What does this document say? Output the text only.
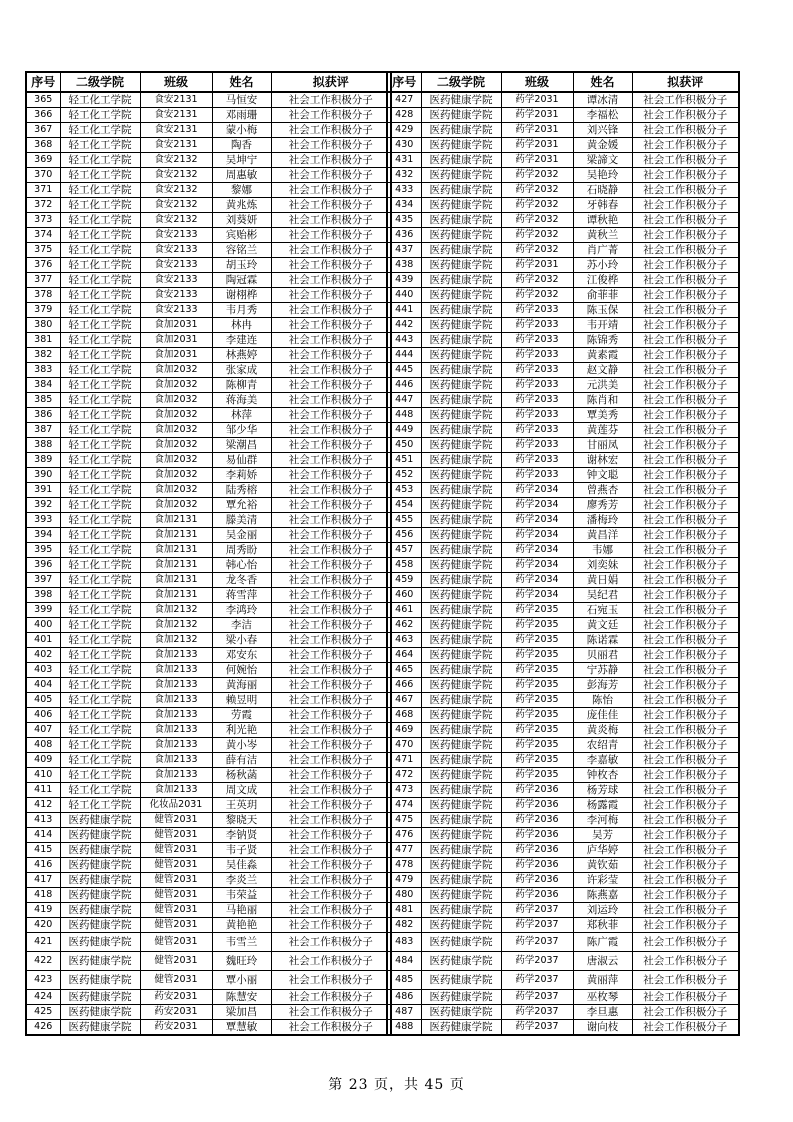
序号	二级学院	班级	姓名	拟获评
365	轻工化工学院	食安2131	马恒安	社会工作积极分子
366	轻工化工学院	食安2131	邓雨珊	社会工作积极分子
367	轻工化工学院	食安2131	蒙小梅	社会工作积极分子
368	轻工化工学院	食安2131	陶香	社会工作积极分子
369	轻工化工学院	食安2132	吴坤宁	社会工作积极分子
370	轻工化工学院	食安2132	周惠敏	社会工作积极分子
371	轻工化工学院	食安2132	黎娜	社会工作积极分子
372	轻工化工学院	食安2132	黄兆炼	社会工作积极分子
373	轻工化工学院	食安2132	刘葵妍	社会工作积极分子
374	轻工化工学院	食安2133	宾贻彬	社会工作积极分子
375	轻工化工学院	食安2133	容铭兰	社会工作积极分子
376	轻工化工学院	食安2133	胡玉玲	社会工作积极分子
377	轻工化工学院	食安2133	陶冠霖	社会工作积极分子
378	轻工化工学院	食安2133	谢栩桦	社会工作积极分子
379	轻工化工学院	食安2133	韦月秀	社会工作积极分子
380	轻工化工学院	食加2031	林冉	社会工作积极分子
381	轻工化工学院	食加2031	李建连	社会工作积极分子
382	轻工化工学院	食加2031	林燕婷	社会工作积极分子
383	轻工化工学院	食加2032	张家成	社会工作积极分子
384	轻工化工学院	食加2032	陈柳青	社会工作积极分子
385	轻工化工学院	食加2032	蒋海美	社会工作积极分子
386	轻工化工学院	食加2032	林萍	社会工作积极分子
387	轻工化工学院	食加2032	邹少华	社会工作积极分子
388	轻工化工学院	食加2032	梁潮昌	社会工作积极分子
389	轻工化工学院	食加2032	易仙群	社会工作积极分子
390	轻工化工学院	食加2032	李莉娇	社会工作积极分子
391	轻工化工学院	食加2032	陆秀榕	社会工作积极分子
392	轻工化工学院	食加2032	覃允裕	社会工作积极分子
393	轻工化工学院	食加2131	滕美清	社会工作积极分子
394	轻工化工学院	食加2131	吴金丽	社会工作积极分子
395	轻工化工学院	食加2131	周秀盼	社会工作积极分子
396	轻工化工学院	食加2131	韩心怡	社会工作积极分子
397	轻工化工学院	食加2131	龙冬香	社会工作积极分子
398	轻工化工学院	食加2131	蒋雪萍	社会工作积极分子
399	轻工化工学院	食加2132	李鸿玲	社会工作积极分子
400	轻工化工学院	食加2132	李洁	社会工作积极分子
401	轻工化工学院	食加2132	梁小春	社会工作积极分子
402	轻工化工学院	食加2133	邓安东	社会工作积极分子
403	轻工化工学院	食加2133	何婉怡	社会工作积极分子
404	轻工化工学院	食加2133	黄海丽	社会工作积极分子
405	轻工化工学院	食加2133	赖昱明	社会工作积极分子
406	轻工化工学院	食加2133	劳霞	社会工作积极分子
407	轻工化工学院	食加2133	利光艳	社会工作积极分子
408	轻工化工学院	食加2133	黄小岑	社会工作积极分子
409	轻工化工学院	食加2133	薛有洁	社会工作积极分子
410	轻工化工学院	食加2133	杨秋菡	社会工作积极分子
411	轻工化工学院	食加2133	周文成	社会工作积极分子
412	轻工化工学院	化妆品2031	王英玥	社会工作积极分子
413	医药健康学院	健管2031	黎晓天	社会工作积极分子
414	医药健康学院	健管2031	李钠贤	社会工作积极分子
415	医药健康学院	健管2031	韦子贤	社会工作积极分子
416	医药健康学院	健管2031	吴佳淼	社会工作积极分子
417	医药健康学院	健管2031	李炎兰	社会工作积极分子
418	医药健康学院	健管2031	韦荣益	社会工作积极分子
419	医药健康学院	健管2031	马艳丽	社会工作积极分子
420	医药健康学院	健管2031	黄艳艳	社会工作积极分子
421	医药健康学院	健管2031	韦雪兰	社会工作积极分子
422	医药健康学院	健管2031	魏旺玲	社会工作积极分子
423	医药健康学院	健管2031	覃小丽	社会工作积极分子
424	医药健康学院	药安2031	陈慧安	社会工作积极分子
425	医药健康学院	药安2031	梁加昌	社会工作积极分子
426	医药健康学院	药安2031	覃慧敏	社会工作积极分子
序号	二级学院	班级	姓名	拟获评
427	医药健康学院	药学2031	谭冰清	社会工作积极分子
428	医药健康学院	药学2031	李福松	社会工作积极分子
429	医药健康学院	药学2031	刘兴锋	社会工作积极分子
430	医药健康学院	药学2031	黄金媛	社会工作积极分子
431	医药健康学院	药学2031	梁諦文	社会工作积极分子
432	医药健康学院	药学2032	吴艳玲	社会工作积极分子
433	医药健康学院	药学2032	石晓静	社会工作积极分子
434	医药健康学院	药学2032	牙韩春	社会工作积极分子
435	医药健康学院	药学2032	谭秋艳	社会工作积极分子
436	医药健康学院	药学2032	黄秋兰	社会工作积极分子
437	医药健康学院	药学2032	肖广菁	社会工作积极分子
438	医药健康学院	药学2031	苏小玲	社会工作积极分子
439	医药健康学院	药学2032	江俊桦	社会工作积极分子
440	医药健康学院	药学2032	俞菲菲	社会工作积极分子
441	医药健康学院	药学2033	陈玉保	社会工作积极分子
442	医药健康学院	药学2033	韦开靖	社会工作积极分子
443	医药健康学院	药学2033	陈锦秀	社会工作积极分子
444	医药健康学院	药学2033	黄素霞	社会工作积极分子
445	医药健康学院	药学2033	赵文静	社会工作积极分子
446	医药健康学院	药学2033	元洪美	社会工作积极分子
447	医药健康学院	药学2033	陈肖和	社会工作积极分子
448	医药健康学院	药学2033	覃美秀	社会工作积极分子
449	医药健康学院	药学2033	黄莲芬	社会工作积极分子
450	医药健康学院	药学2033	甘丽凤	社会工作积极分子
451	医药健康学院	药学2033	谢林宏	社会工作积极分子
452	医药健康学院	药学2033	钟文聪	社会工作积极分子
453	医药健康学院	药学2034	曾燕杏	社会工作积极分子
454	医药健康学院	药学2034	廖秀芳	社会工作积极分子
455	医药健康学院	药学2034	潘梅玲	社会工作积极分子
456	医药健康学院	药学2034	黄昌洋	社会工作积极分子
457	医药健康学院	药学2034	韦娜	社会工作积极分子
458	医药健康学院	药学2034	刘奕妹	社会工作积极分子
459	医药健康学院	药学2034	黄日娟	社会工作积极分子
460	医药健康学院	药学2034	吴纪君	社会工作积极分子
461	医药健康学院	药学2035	石宛玉	社会工作积极分子
462	医药健康学院	药学2035	黄文廷	社会工作积极分子
463	医药健康学院	药学2035	陈诺霖	社会工作积极分子
464	医药健康学院	药学2035	贝丽君	社会工作积极分子
465	医药健康学院	药学2035	宁苏静	社会工作积极分子
466	医药健康学院	药学2035	彭海芳	社会工作积极分子
467	医药健康学院	药学2035	陈怡	社会工作积极分子
468	医药健康学院	药学2035	庞佳佳	社会工作积极分子
469	医药健康学院	药学2035	黄炎梅	社会工作积极分子
470	医药健康学院	药学2035	农绍青	社会工作积极分子
471	医药健康学院	药学2035	李嘉敏	社会工作积极分子
472	医药健康学院	药学2035	钟枚杏	社会工作积极分子
473	医药健康学院	药学2036	杨芳球	社会工作积极分子
474	医药健康学院	药学2036	杨露霞	社会工作积极分子
475	医药健康学院	药学2036	李河梅	社会工作积极分子
476	医药健康学院	药学2036	吴芳	社会工作积极分子
477	医药健康学院	药学2036	庐华婷	社会工作积极分子
478	医药健康学院	药学2036	黄钦茹	社会工作积极分子
479	医药健康学院	药学2036	许彩莹	社会工作积极分子
480	医药健康学院	药学2036	陈燕嘉	社会工作积极分子
481	医药健康学院	药学2037	刘运玲	社会工作积极分子
482	医药健康学院	药学2037	郑秋菲	社会工作积极分子
483	医药健康学院	药学2037	陈广霞	社会工作积极分子
484	医药健康学院	药学2037	唐淑云	社会工作积极分子
485	医药健康学院	药学2037	黄丽萍	社会工作积极分子
486	医药健康学院	药学2037	巫枚琴	社会工作积极分子
487	医药健康学院	药学2037	李旦惠	社会工作积极分子
488	医药健康学院	药学2037	谢向枝	社会工作积极分子
第 23 页，共 45 页
